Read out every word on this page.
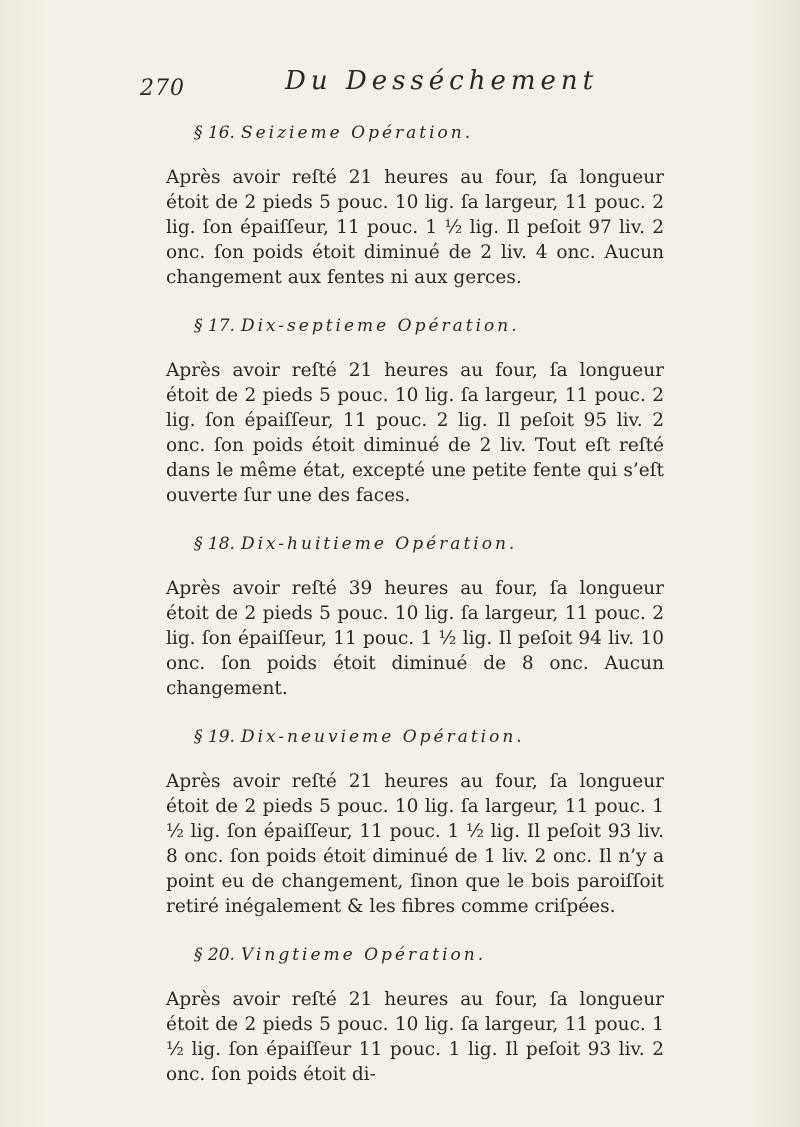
270	Du Desséchement
§ 16. Seizieme Opération.

Après avoir reſté 21 heures au four, ſa longueur étoit de 2 pieds 5 pouc. 10 lig. ſa largeur, 11 pouc. 2 lig. ſon épaiſſeur, 11 pouc. 1 ½ lig. Il peſoit 97 liv. 2 onc. ſon poids étoit diminué de 2 liv. 4 onc. Aucun changement aux fentes ni aux gerces.

§ 17. Dix-septieme Opération.

Après avoir reſté 21 heures au four, ſa longueur étoit de 2 pieds 5 pouc. 10 lig. ſa largeur, 11 pouc. 2 lig. ſon épaiſſeur, 11 pouc. 2 lig. Il peſoit 95 liv. 2 onc. ſon poids étoit diminué de 2 liv. Tout eſt reſté dans le même état, excepté une petite fente qui s’eſt ouverte ſur une des faces.

§ 18. Dix-huitieme Opération.

Après avoir reſté 39 heures au four, ſa longueur étoit de 2 pieds 5 pouc. 10 lig. ſa largeur, 11 pouc. 2 lig. ſon épaiſſeur, 11 pouc. 1 ½ lig. Il peſoit 94 liv. 10 onc. ſon poids étoit diminué de 8 onc. Aucun changement.

§ 19. Dix-neuvieme Opération.

Après avoir reſté 21 heures au four, ſa longueur étoit de 2 pieds 5 pouc. 10 lig. ſa largeur, 11 pouc. 1 ½ lig. ſon épaiſſeur, 11 pouc. 1 ½ lig. Il peſoit 93 liv. 8 onc. ſon poids étoit diminué de 1 liv. 2 onc. Il n’y a point eu de changement, ſinon que le bois paroiſſoit retiré inégalement & les fibres comme criſpées.

§ 20. Vingtieme Opération.

Après avoir reſté 21 heures au four, ſa longueur étoit de 2 pieds 5 pouc. 10 lig. ſa largeur, 11 pouc. 1 ½ lig. ſon épaiſſeur 11 pouc. 1 lig. Il peſoit 93 liv. 2 onc. ſon poids étoit di-
